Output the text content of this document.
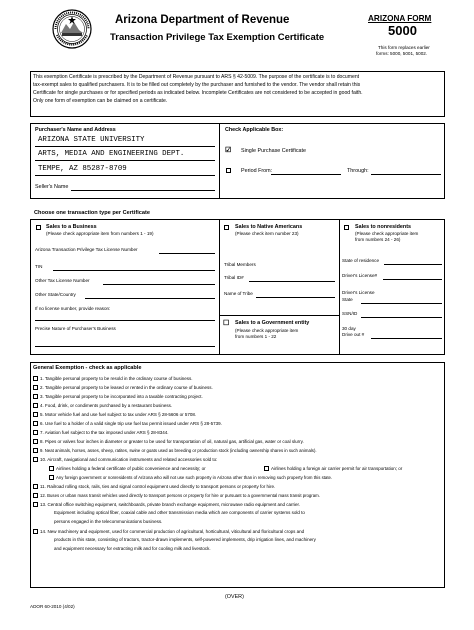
Arizona Department of Revenue
Transaction Privilege Tax Exemption Certificate
ARIZONA FORM
5000
This form replaces earlier
forms: 5000, 5001, 5002.
This exemption Certificate is prescribed by the Department of Revenue pursuant to ARS § 42-5009. The purpose of the certificate is to document
tax-exempt sales to qualified purchasers. It is to be filled out completely by the purchaser and furnished to the vendor. The vendor shall retain this
Certificate for single purchases or for specified periods as indicated below. Incomplete Certificates are not considered to be accepted in good faith.
Only one form of exemption can be claimed on a certificate.
Purchaser's Name and Address
ARIZONA STATE UNIVERSITY
ARTS, MEDIA AND ENGINEERING DEPT.
TEMPE, AZ 85287-8709
Seller's Name
Check Applicable Box:
☑ Single Purchase Certificate
Period From:	Through:
Choose one transaction type per Certificate
Sales to a Business
(Please check appropriate item from numbers 1 - 19)
Arizona Transaction Privilege Tax License Number
TIN
Other Tax License Number
Other State/Country
If no license number, provide reason:
Precise Nature of Purchaser's Business
Sales to Native Americans
(Please check item number 23)
Tribal Members
Tribal ID#
Name of Tribe
☐ Sales to a Government entity
(Please check appropriate item
from numbers 1 - 22
Sales to nonresidents
(Please check appropriate item
from numbers 24 - 26)
State of residence
Driver's License#
Driver's License
State
SSN/ID
30 day
Drive out #
General Exemption - check as applicable
1. Tangible personal property to be resold in the ordinary course of business.
2. Tangible personal property to be leased or rented in the ordinary course of business.
3. Tangible personal property to be incorporated into a taxable contracting project.
4. Food, drink, or condiments purchased by a restaurant business.
5. Motor vehicle fuel and use fuel subject to tax under ARS § 28-5606 or 5708.
6. Use fuel to a holder of a valid single trip use fuel tax permit issued under ARS § 28-5739.
7. Aviation fuel subject to the tax imposed under ARS § 28-8344.
8. Pipes or valves four inches in diameter or greater to be used for transportation of oil, natural gas, artificial gas, water or coal slurry.
9. Neat animals, horses, asses, sheep, ratites, swine or goats used as breeding or production stock (including ownership shares in such animals).
10. Aircraft, navigational and communication instruments and related accessories sold to:
Airlines holding a federal certificate of public convenience and necessity; or	Airlines holding a foreign air carrier permit for air transportation; or
Any foreign government or nonresidents of Arizona who will not use such property in Arizona other than in removing such property from this state.
11. Railroad rolling stock, rails, ties and signal control equipment used directly to transport persons or property for hire.
12. Buses or urban mass transit vehicles used directly to transport persons or property for hire or pursuant to a governmental mass transit program.
13. Central office switching equipment, switchboards, private branch exchange equipment, microwave radio equipment and carrier.
Equipment including optical fiber, coaxial cable and other transmission media which are components of carrier systems sold to
persons engaged in the telecommunications business.
14. New machinery and equipment, used for commercial production of agricultural, horticultural, viticultural and floricultural crops and
products in this state, consisting of tractors, tractor-drawn implements, self-powered implements, drip irrigation lines, and machinery
and equipment necessary for extracting milk and for cooling milk and livestock.
(OVER)
ADOR 60-2010 (4/02)
